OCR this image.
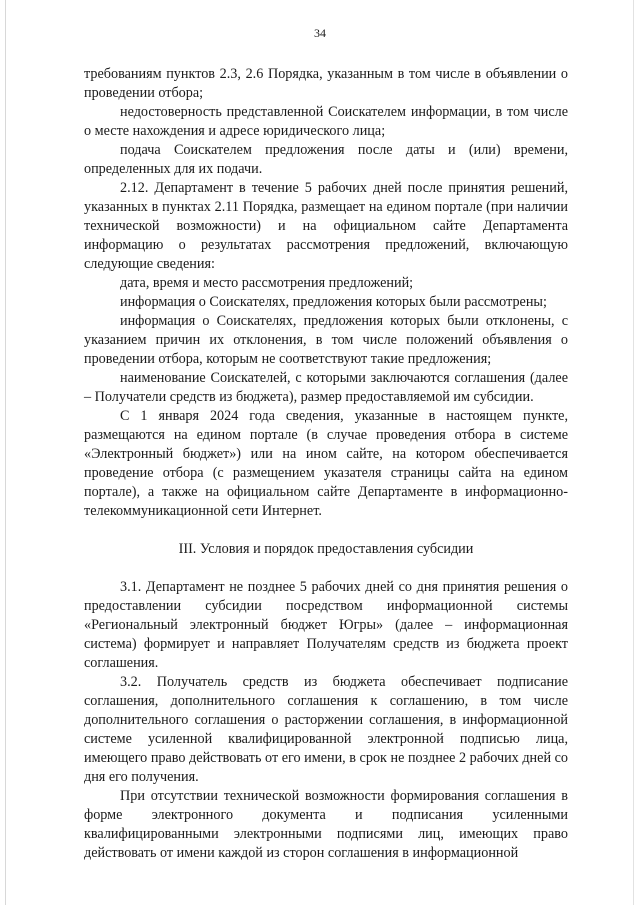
34

требованиям пунктов 2.3, 2.6 Порядка, указанным в том числе в объявлении о проведении отбора;

недостоверность представленной Соискателем информации, в том числе о месте нахождения и адресе юридического лица;

подача Соискателем предложения после даты и (или) времени, определенных для их подачи.

2.12. Департамент в течение 5 рабочих дней после принятия решений, указанных в пунктах 2.11 Порядка, размещает на едином портале (при наличии технической возможности) и на официальном сайте Департамента информацию о результатах рассмотрения предложений, включающую следующие сведения:

дата, время и место рассмотрения предложений;

информация о Соискателях, предложения которых были рассмотрены;

информация о Соискателях, предложения которых были отклонены, с указанием причин их отклонения, в том числе положений объявления о проведении отбора, которым не соответствуют такие предложения;

наименование Соискателей, с которыми заключаются соглашения (далее – Получатели средств из бюджета), размер предоставляемой им субсидии.

С 1 января 2024 года сведения, указанные в настоящем пункте, размещаются на едином портале (в случае проведения отбора в системе «Электронный бюджет») или на ином сайте, на котором обеспечивается проведение отбора (с размещением указателя страницы сайта на едином портале), а также на официальном сайте Департаменте в информационно-телекоммуникационной сети Интернет.

III. Условия и порядок предоставления субсидии

3.1. Департамент не позднее 5 рабочих дней со дня принятия решения о предоставлении субсидии посредством информационной системы «Региональный электронный бюджет Югры» (далее – информационная система) формирует и направляет Получателям средств из бюджета проект соглашения.

3.2. Получатель средств из бюджета обеспечивает подписание соглашения, дополнительного соглашения к соглашению, в том числе дополнительного соглашения о расторжении соглашения, в информационной системе усиленной квалифицированной электронной подписью лица, имеющего право действовать от его имени, в срок не позднее 2 рабочих дней со дня его получения.

При отсутствии технической возможности формирования соглашения в форме электронного документа и подписания усиленными квалифицированными электронными подписями лиц, имеющих право действовать от имени каждой из сторон соглашения в информационной
